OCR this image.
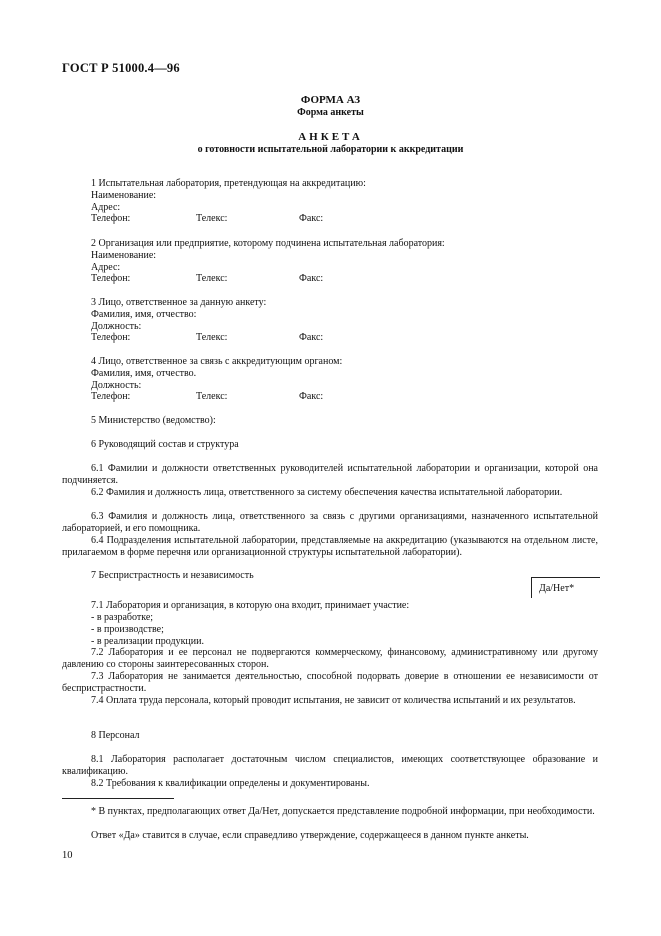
ГОСТ Р 51000.4—96
ФОРМА АЗ
Форма анкеты
АНКЕТА
о готовности испытательной лаборатории к аккредитации
1 Испытательная лаборатория, претендующая на аккредитацию:
Наименование:
Адрес:
Телефон:	Телекс:	Факс:
2 Организация или предприятие, которому подчинена испытательная лаборатория:
Наименование:
Адрес:
Телефон:	Телекс:	Факс:
3 Лицо, ответственное за данную анкету:
Фамилия, имя, отчество:
Должность:
Телефон:	Телекс:	Факс:
4 Лицо, ответственное за связь с аккредитующим органом:
Фамилия, имя, отчество.
Должность:
Телефон:	Телекс:	Факс:
5 Министерство (ведомство):
6 Руководящий состав и структура
6.1 Фамилии и должности ответственных руководителей испытательной лаборатории и организации, которой она подчиняется.
6.2 Фамилия и должность лица, ответственного за систему обеспечения качества испытательной лаборатории.
6.3 Фамилия и должность лица, ответственного за связь с другими организациями, назначенного испытательной лабораторией, и его помощника.
6.4 Подразделения испытательной лаборатории, представляемые на аккредитацию (указываются на отдельном листе, прилагаемом в форме перечня или организационной структуры испытательной лаборатории).
7 Беспристрастность и независимость
Да/Нет*
7.1 Лаборатория и организация, в которую она входит, принимает участие:
- в разработке;
- в производстве;
- в реализации продукции.
7.2 Лаборатория и ее персонал не подвергаются коммерческому, финансовому, административному или другому давлению со стороны заинтересованных сторон.
7.3 Лаборатория не занимается деятельностью, способной подорвать доверие в отношении ее независимости от беспристрастности.
7.4 Оплата труда персонала, который проводит испытания, не зависит от количества испытаний и их результатов.
8 Персонал
8.1 Лаборатория располагает достаточным числом специалистов, имеющих соответствующее образование и квалификацию.
8.2 Требования к квалификации определены и документированы.
* В пунктах, предполагающих ответ Да/Нет, допускается представление подробной информации, при необходимости.
Ответ «Да» ставится в случае, если справедливо утверждение, содержащееся в данном пункте анкеты.
10
